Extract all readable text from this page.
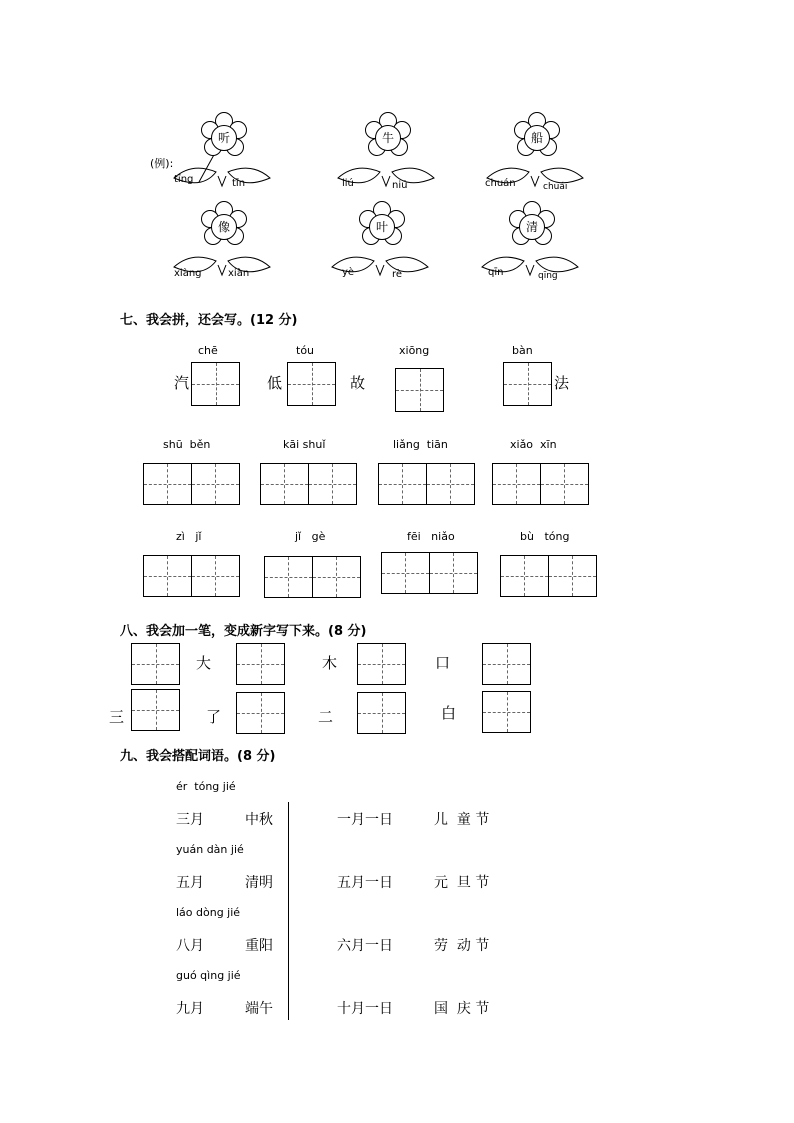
(例):
听
tīng	tīn
牛
liú	niú
船
chuán	chuái
像
xiàng	xiàn
叶
yè	rè
清
qīn	qīng
七、我会拼，还会写。(12 分)
chē
汽
tóu
低
xiōng
故
bàn
法
shū  běn	kāi shuǐ	liǎng  tiān	xiǎo  xīn
zì   jǐ	jǐ   gè	fēi   niǎo	bù   tóng
八、我会加一笔，变成新字写下来。(8 分)
大	木	口
三	了	二	白
九、我会搭配词语。(8 分)
ér  tóng jié
三月	中秋	一月一日	儿  童 节
yuán dàn jié
五月	清明	五月一日	元  旦 节
láo dòng jié
八月	重阳	六月一日	劳  动 节
guó qìng jié
九月	端午	十月一日	国  庆 节
